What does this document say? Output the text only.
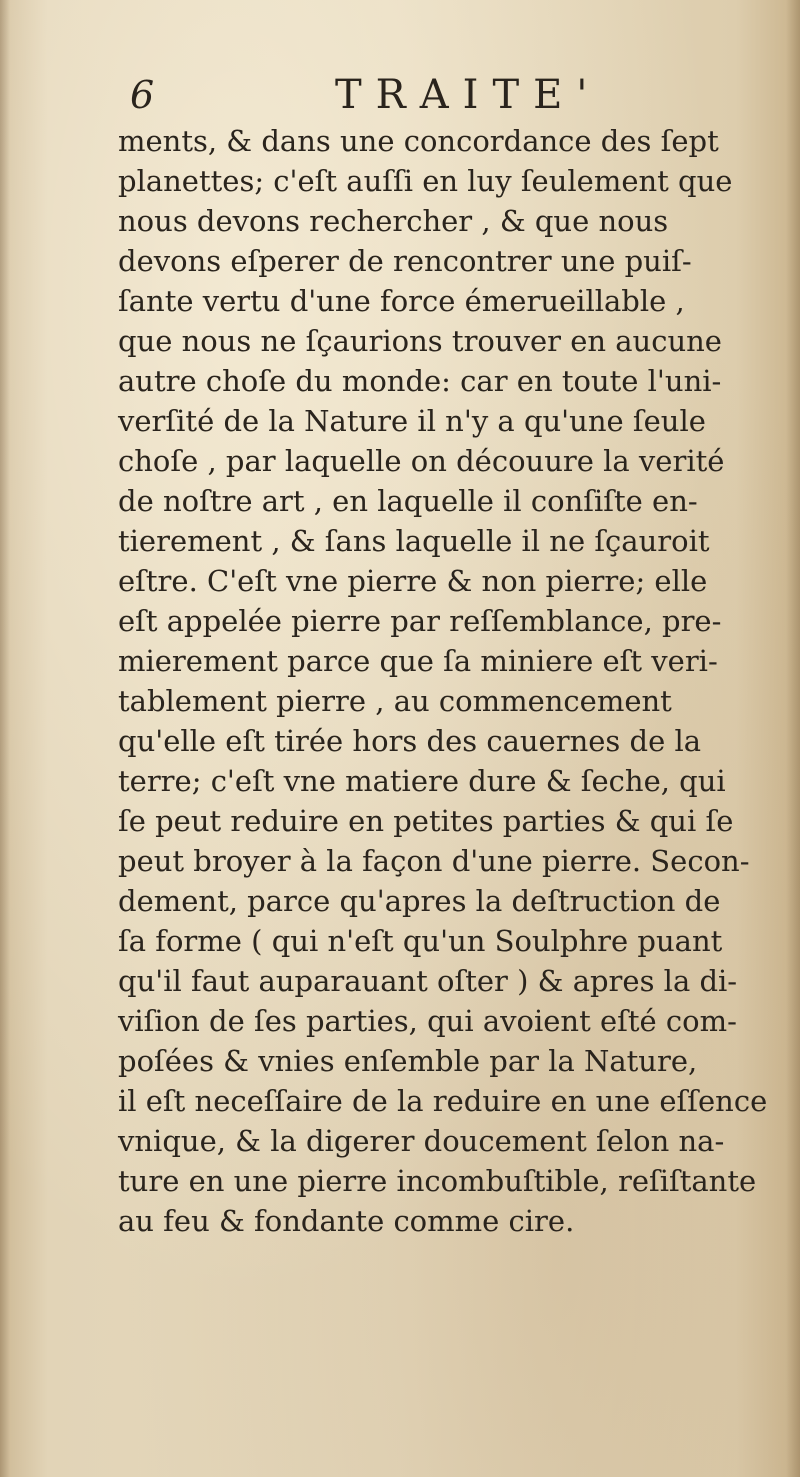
6	TRAITE'
ments, & dans une concordance des ſept
planettes; c'eſt auſſi en luy ſeulement que
nous devons rechercher , & que nous
devons eſperer de rencontrer une puiſ-
ſante vertu d'une force émerueillable ,
que nous ne ſçaurions trouver en aucune
autre choſe du monde: car en toute l'uni-
verſité de la Nature il n'y a qu'une ſeule
choſe , par laquelle on découure la verité
de noſtre art , en laquelle il conſiſte en-
tierement , & ſans laquelle il ne ſçauroit
eſtre. C'eſt vne pierre & non pierre; elle
eſt appelée pierre par reſſemblance, pre-
mierement parce que ſa miniere eſt veri-
tablement pierre , au commencement
qu'elle eſt tirée hors des cauernes de la
terre; c'eſt vne matiere dure & ſeche, qui
ſe peut reduire en petites parties & qui ſe
peut broyer à la façon d'une pierre. Secon-
dement, parce qu'apres la deſtruction de
ſa forme ( qui n'eſt qu'un Soulphre puant
qu'il faut auparauant oſter ) & apres la di-
viſion de ſes parties, qui avoient eſté com-
poſées & vnies enſemble par la Nature,
il eſt neceſſaire de la reduire en une eſſence
vnique, & la digerer doucement ſelon na-
ture en une pierre incombuſtible, reſiſtante
au feu & fondante comme cire.
